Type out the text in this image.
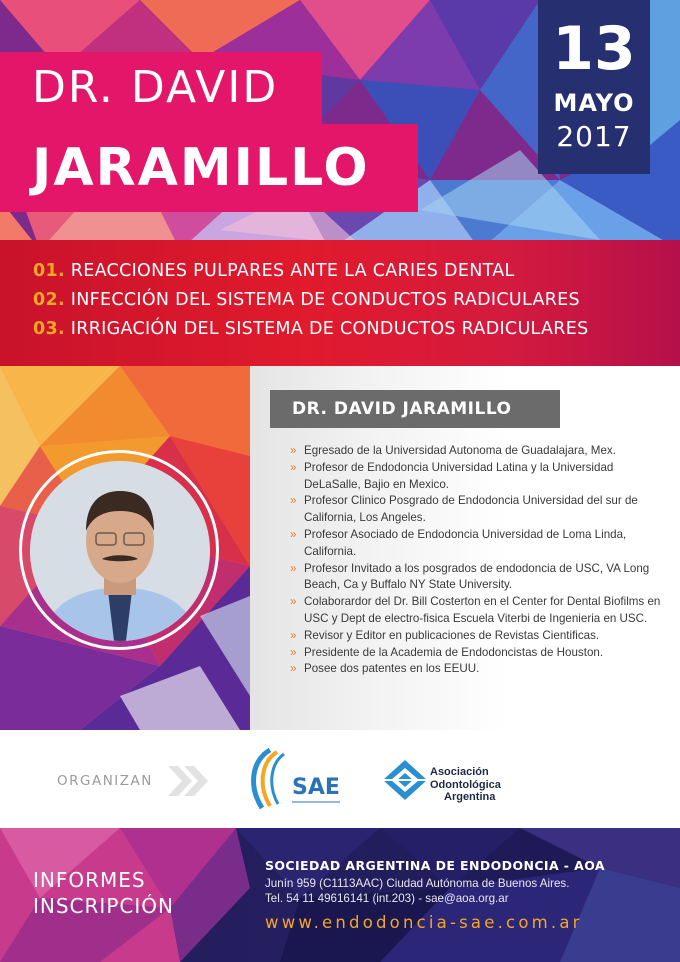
DR. DAVID
JARAMILLO
13
MAYO
2017
01. REACCIONES PULPARES ANTE LA CARIES DENTAL
02. INFECCIÓN DEL SISTEMA DE CONDUCTOS RADICULARES
03. IRRIGACIÓN DEL SISTEMA DE CONDUCTOS RADICULARES
DR. DAVID JARAMILLO
» Egresado de la Universidad Autonoma de Guadalajara, Mex.
» Profesor de Endodoncia Universidad Latina y la Universidad DeLaSalle, Bajio en Mexico.
» Profesor Clinico Posgrado de Endodoncia Universidad del sur de California, Los Angeles.
» Profesor Asociado de Endodoncia Universidad de Loma Linda, California.
» Profesor Invitado a los posgrados de endodoncia de USC, VA Long Beach, Ca y Buffalo NY State University.
» Colaborardor del Dr. Bill Costerton en el Center for Dental Biofilms en USC y Dept de electro-fisica Escuela Viterbi de Ingenieria en USC.
» Revisor y Editor en publicaciones de Revistas Cientificas.
» Presidente de la Academia de Endodoncistas de Houston.
» Posee dos patentes en los EEUU.
ORGANIZAN	SAE
Asociación
Odontológica
Argentina
INFORMES
INSCRIPCIÓN
SOCIEDAD ARGENTINA DE ENDODONCIA - AOA
Junín 959 (C1113AAC) Ciudad Autónoma de Buenos Aires.
Tel. 54 11 49616141 (int.203) - sae@aoa.org.ar
www.endodoncia-sae.com.ar
